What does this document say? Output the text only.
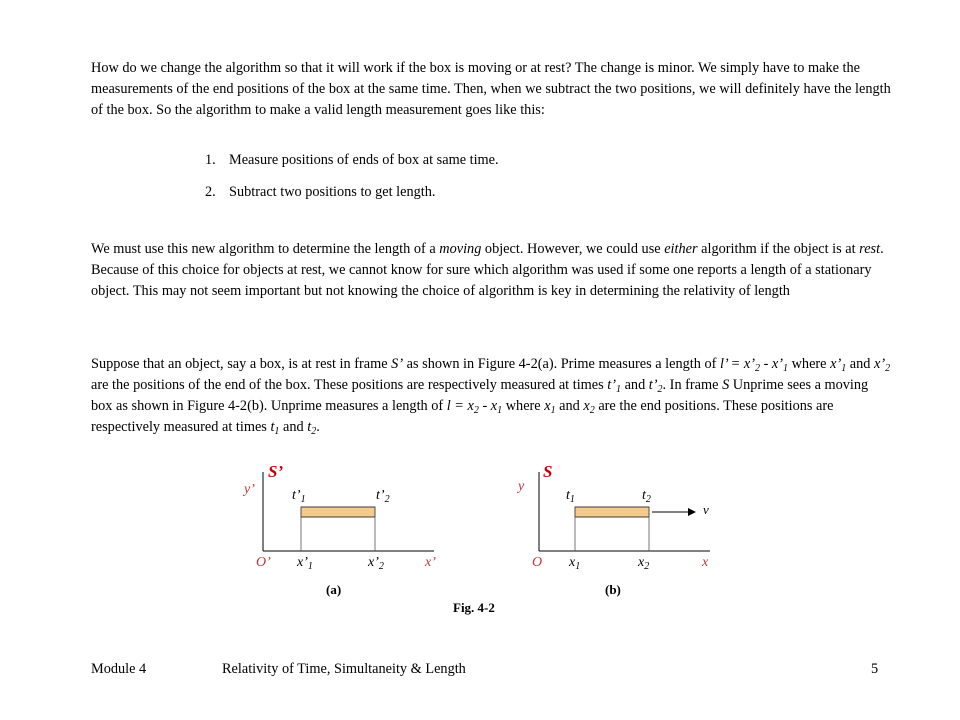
How do we change the algorithm so that it will work if the box is moving or at rest? The change is minor. We simply have to make the measurements of the end positions of the box at the same time. Then, when we subtract the two positions, we will definitely have the length of the box. So the algorithm to make a valid length measurement goes like this:

1. Measure positions of ends of box at same time.
2. Subtract two positions to get length.

We must use this new algorithm to determine the length of a moving object. However, we could use either algorithm if the object is at rest. Because of this choice for objects at rest, we cannot know for sure which algorithm was used if some one reports a length of a stationary object. This may not seem important but not knowing the choice of algorithm is key in determining the relativity of length

Suppose that an object, say a box, is at rest in frame S’ as shown in Figure 4-2(a). Prime measures a length of l’ = $x’_2$ - $x’_1$ where $x’_1$ and $x’_2$ are the positions of the end of the box. These positions are respectively measured at times $t’_1$ and $t’_2$. In frame S Unprime sees a moving box as shown in Figure 4-2(b). Unprime measures a length of $l = x_2 - x_1$ where $x_1$ and $x_2$ are the end positions. These positions are respectively measured at times $t_1$ and $t_2$.

S’
y’
O’	x’
$t’_1$	$t’_2$
$x’_1$	$x’_2$
(a)
S
y
O	x
v
$t_1$	$t_2$
$x_1$	$x_2$
(b)
Fig. 4-2
Module 4	Relativity of Time, Simultaneity & Length	5
